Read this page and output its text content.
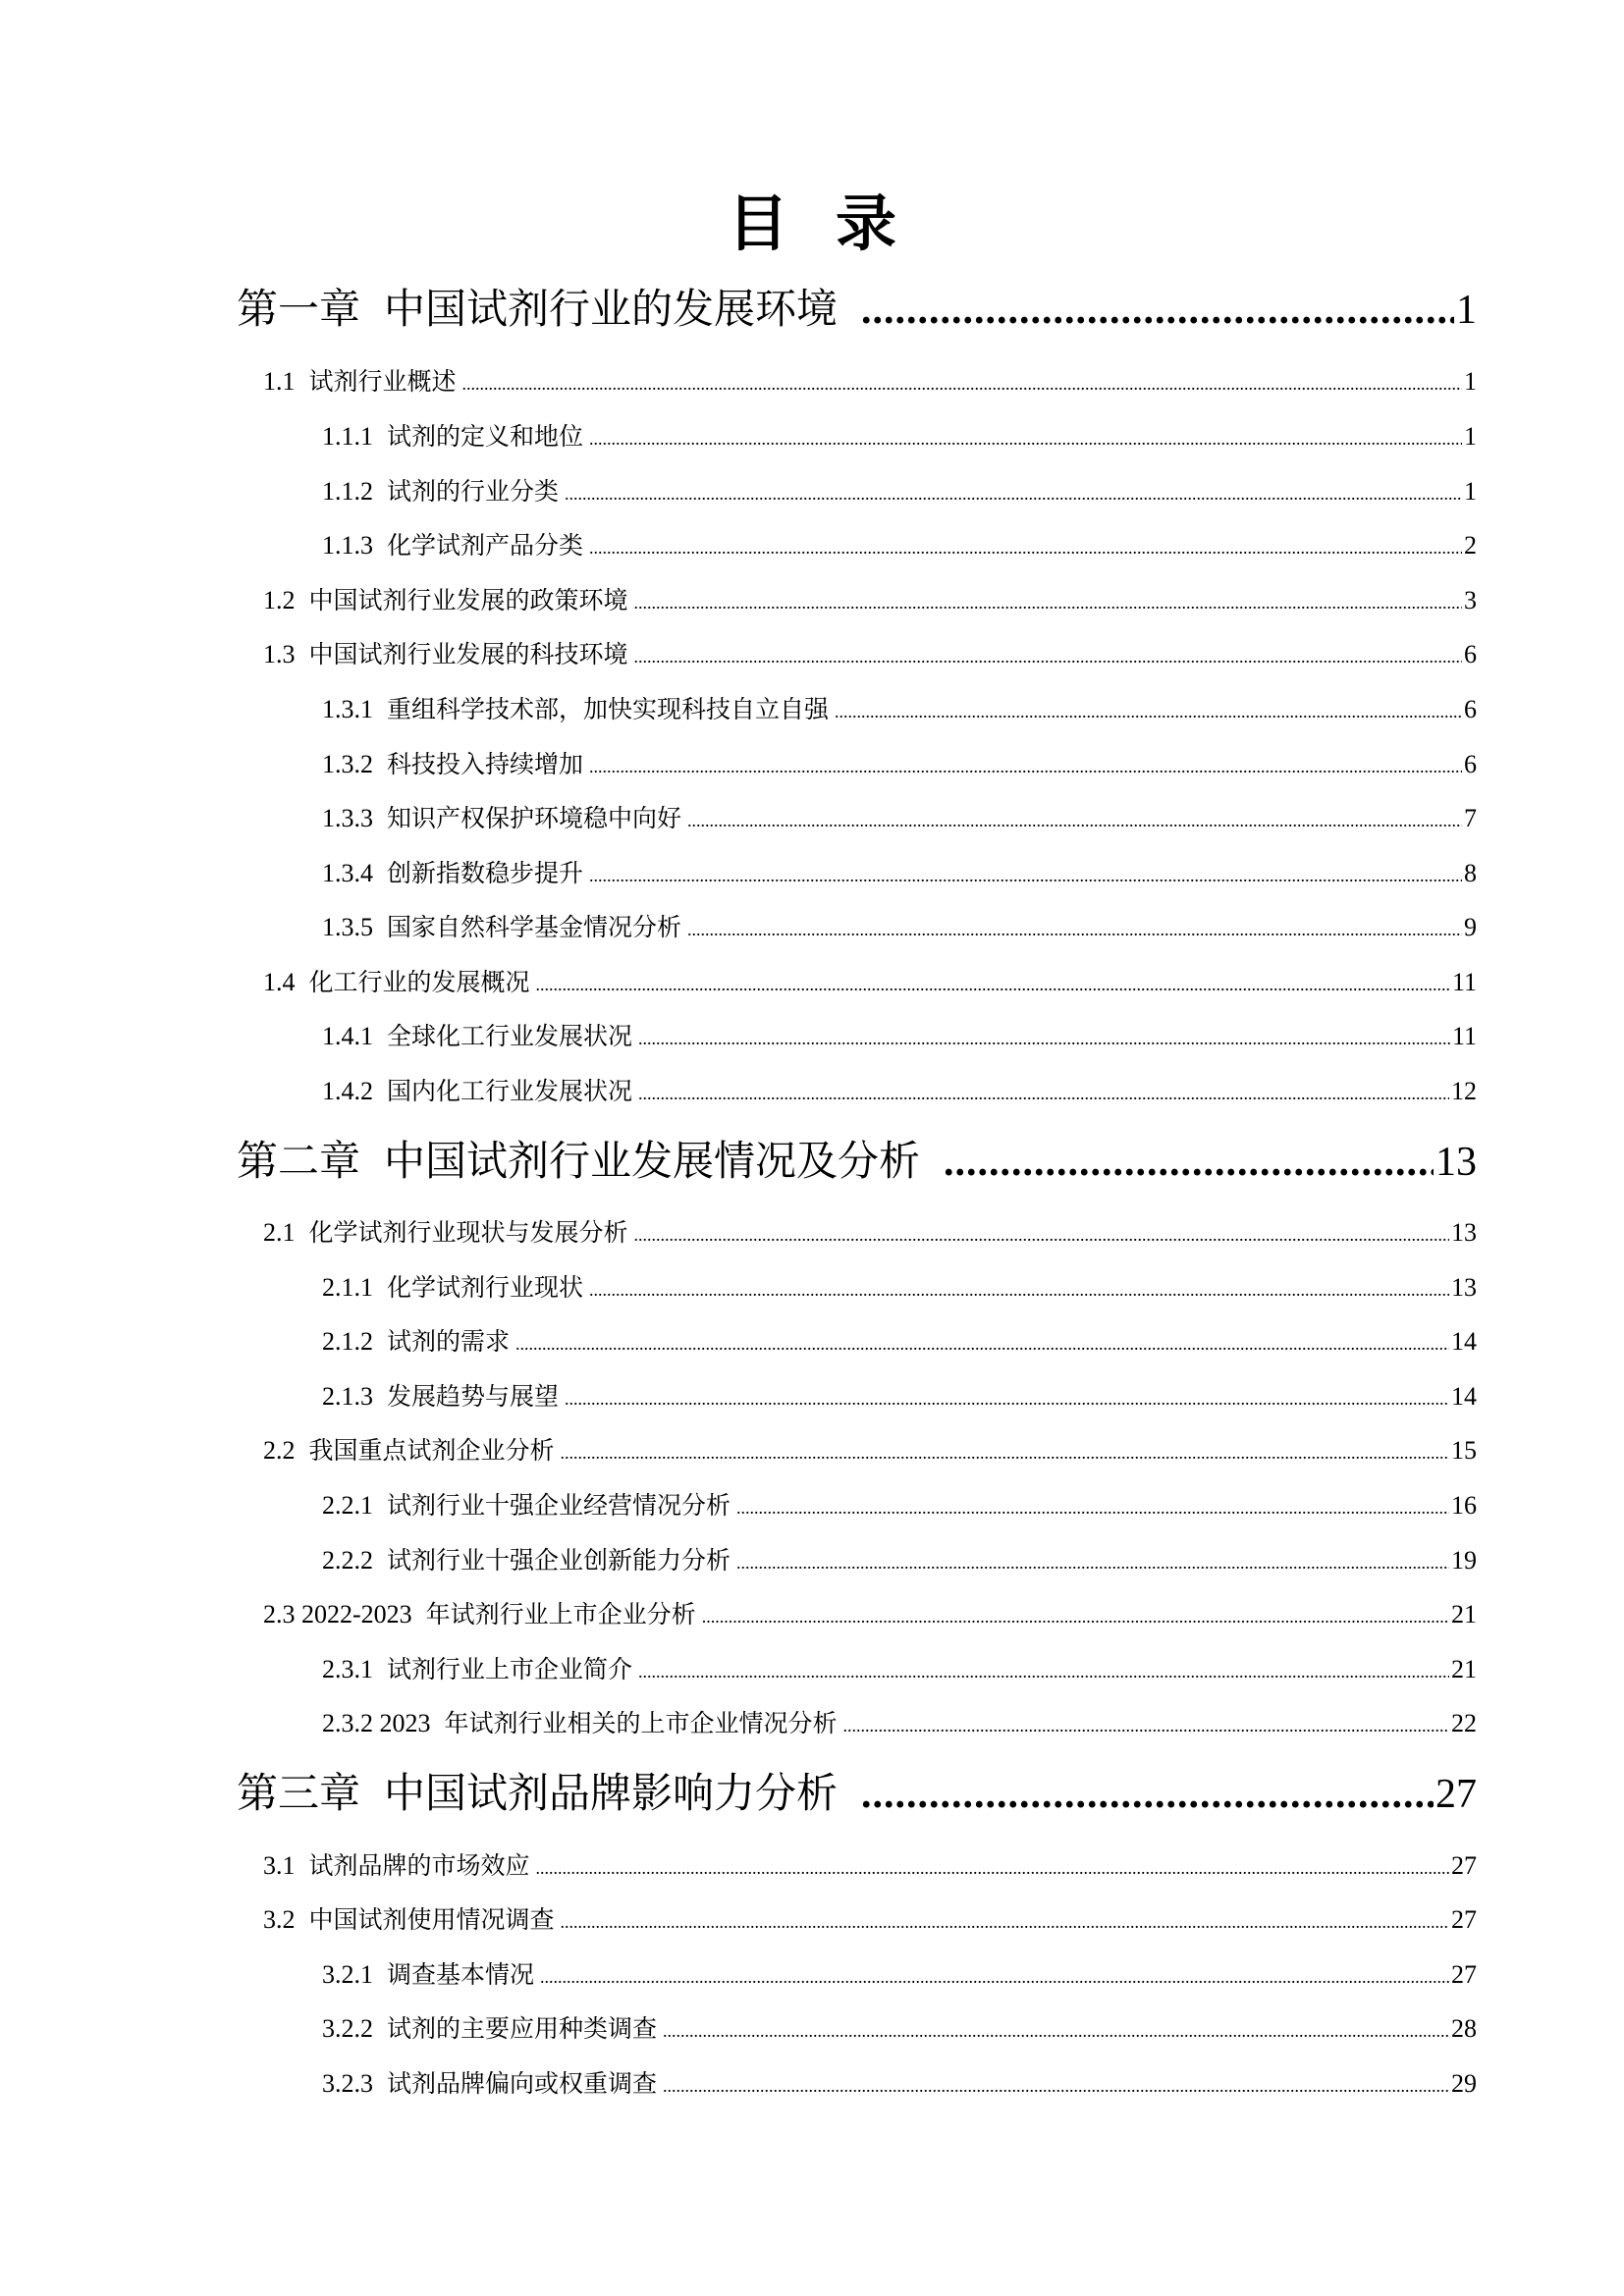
目录
第一章 中国试剂行业的发展环境 .....	1
1.1 试剂行业概述 .....	1
1.1.1 试剂的定义和地位 .....	1
1.1.2 试剂的行业分类 .....	1
1.1.3 化学试剂产品分类 .....	2
1.2 中国试剂行业发展的政策环境 .....	3
1.3 中国试剂行业发展的科技环境 .....	6
1.3.1 重组科学技术部，加快实现科技自立自强 .....	6
1.3.2 科技投入持续增加 .....	6
1.3.3 知识产权保护环境稳中向好 .....	7
1.3.4 创新指数稳步提升 .....	8
1.3.5 国家自然科学基金情况分析 .....	9
1.4 化工行业的发展概况 .....	11
1.4.1 全球化工行业发展状况 .....	11
1.4.2 国内化工行业发展状况 .....	12
第二章 中国试剂行业发展情况及分析 .....	13
2.1 化学试剂行业现状与发展分析 .....	13
2.1.1 化学试剂行业现状 .....	13
2.1.2 试剂的需求 .....	14
2.1.3 发展趋势与展望 .....	14
2.2 我国重点试剂企业分析 .....	15
2.2.1 试剂行业十强企业经营情况分析 .....	16
2.2.2 试剂行业十强企业创新能力分析 .....	19
2.3 2022-2023 年试剂行业上市企业分析 .....	21
2.3.1 试剂行业上市企业简介 .....	21
2.3.2 2023 年试剂行业相关的上市企业情况分析 .....	22
第三章 中国试剂品牌影响力分析 .....	27
3.1 试剂品牌的市场效应 .....	27
3.2 中国试剂使用情况调查 .....	27
3.2.1 调查基本情况 .....	27
3.2.2 试剂的主要应用种类调查 .....	28
3.2.3 试剂品牌偏向或权重调查 .....	29
